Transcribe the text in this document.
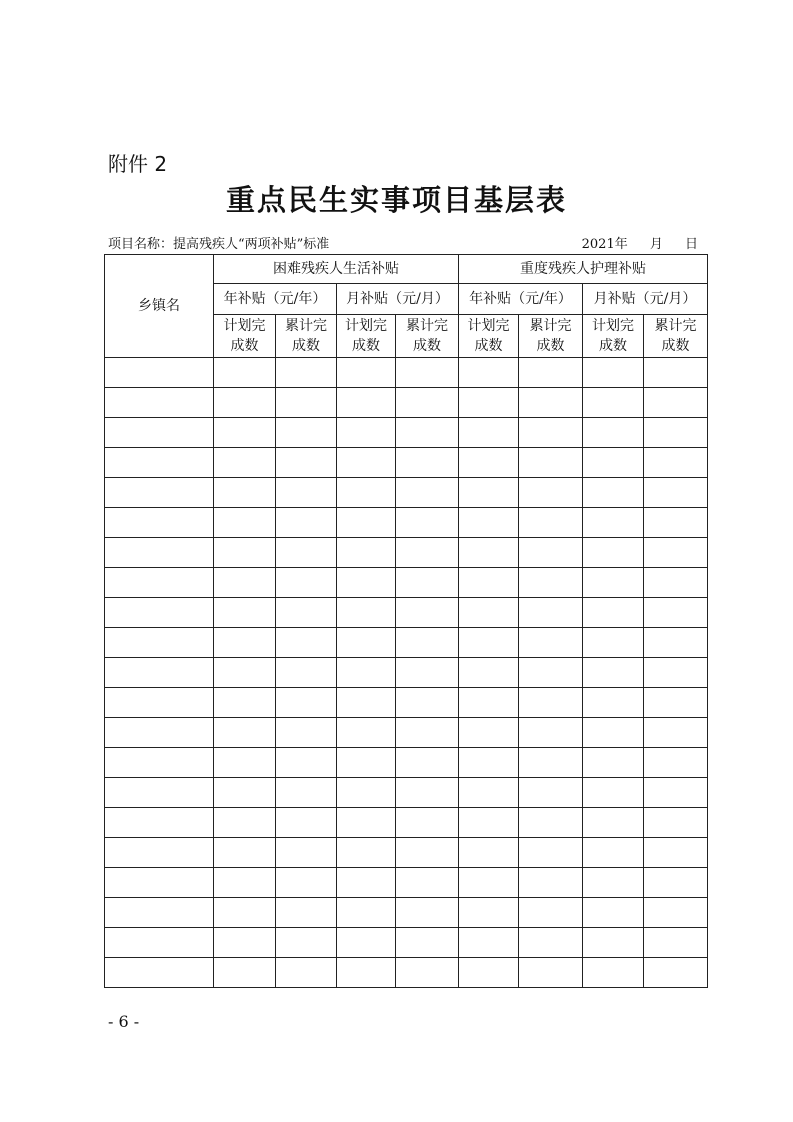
附件 2
重点民生实事项目基层表
项目名称：提高残疾人“两项补贴”标准	2021年 月 日
乡镇名	困难残疾人生活补贴				重度残疾人护理补贴			
	年补贴（元/年）		月补贴（元/月）		年补贴（元/年）		月补贴（元/月）	

	计划完成数	累计完成数	计划完成数	累计完成数	计划完成数	累计完成数	计划完成数	累计完成数

- 6 -
